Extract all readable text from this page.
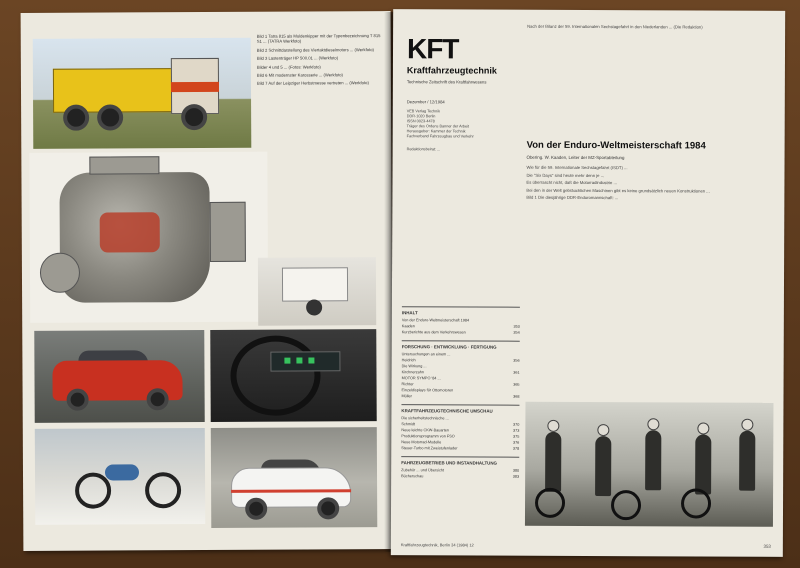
Bild 1 Tatra 815 als Muldenkipper mit der Typenbezeichnung T 815 S1 ... (TATRA Werkfoto)

Bild 2 Schnittdarstellung des Viertaktdieselmotors ... (Werkfoto)

Bild 3 Lastenträger HP 500.01 ... (Werkfoto)

Bilder 4 und 5 ... (Fotos: Werkfoto)

Bild 6 Mit modernster Karosserie ... (Werkfoto)

Bild 7 Auf der Leipziger Herbstmesse vertreten ... (Werkfoto)

KFT
Kraftfahrzeugtechnik
Technische Zeitschrift des Kraftfahrwesens
Dezember / 12/1984
VEB Verlag Technik
DDR-1020 Berlin
ISSN 0023-4478
Träger des Ordens Banner der Arbeit
Herausgeber: Kammer der Technik
Fachverband Fahrzeugbau und Verkehr
Redaktionsbeirat: ...
Nach der Bilanz der 59. Internationalen Sechstagefahrt in den Niederlanden ... (Die Redaktion)
INHALT
Von der Enduro-Weltmeisterschaft 1984
Kaaden	353
Kurzberichte aus dem Verkehrswesen	354
FORSCHUNG · ENTWICKLUNG · FERTIGUNG
Untersuchungen an einem ...
Heidrich	356
Die Wirkung ...
Kirchnerzahn	361
MOTOR SYMPO '84 ...
Richter	365
Einzeldisplays für Ottomotoren
Müller	368
KRAFTFAHRZEUGTECHNISCHE UMSCHAU
Die sicherheitstechnische ...
Schmidt	370
Neue leichte CKW-Bauarten	373
Produktionsprogramm von FSO	375
Neue Motorrad-Modelle	376
Steuer-Turbo mit Zweistufenlader	378
FAHRZEUGBETRIEB UND INSTANDHALTUNG
Zubehör ... und Übersicht	380
Bücherschau	383
Von der Enduro-Weltmeisterschaft 1984
Obering. W. Kaaden, Leiter der MZ-Sportabteilung

Wie für die 59. Internationale Sechstagefahrt (ISDT) ...

Die "Six Days" sind heute mehr denn je ...

Es überrascht nicht, daß die Motorradindustrie ...

Bei den in der Welt gebräuchlichen Maschinen gibt es keine grundsätzlich neuen Konstruktionen ...

Bild 1 Die diesjährige DDR-Enduromannschaft: ...

Kraftfahrzeugtechnik, Berlin 34 (1984) 12	353
